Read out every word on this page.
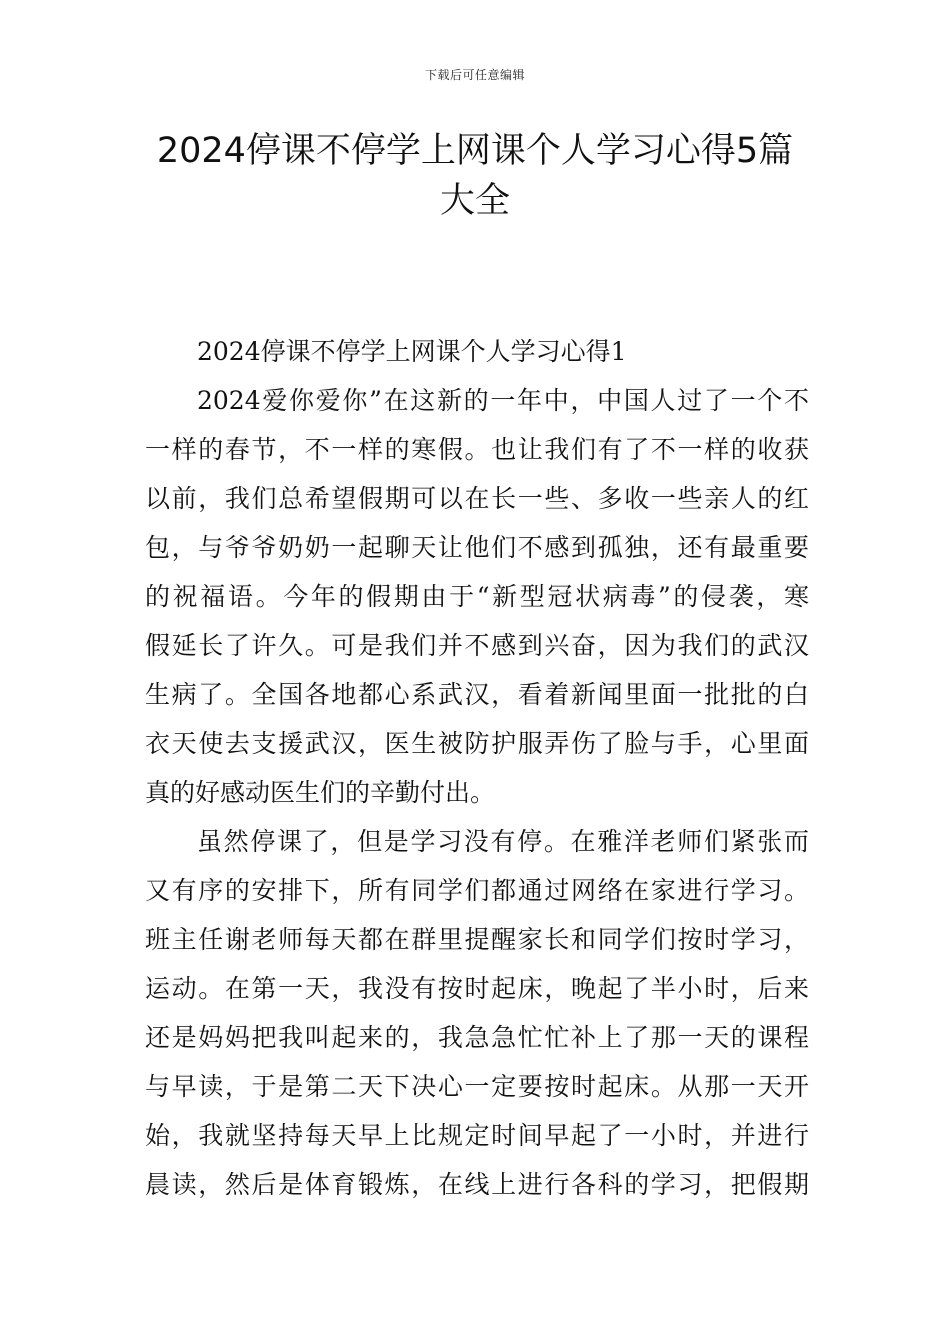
下载后可任意编辑
2024停课不停学上网课个人学习心得5篇
大全
2024停课不停学上网课个人学习心得1

2024爱你爱你”在这新的一年中，中国人过了一个不
一样的春节，不一样的寒假。也让我们有了不一样的收获
以前，我们总希望假期可以在长一些、多收一些亲人的红
包，与爷爷奶奶一起聊天让他们不感到孤独，还有最重要
的祝福语。今年的假期由于“新型冠状病毒”的侵袭，寒
假延长了许久。可是我们并不感到兴奋，因为我们的武汉
生病了。全国各地都心系武汉，看着新闻里面一批批的白
衣天使去支援武汉，医生被防护服弄伤了脸与手，心里面
真的好感动医生们的辛勤付出。

虽然停课了，但是学习没有停。在雅洋老师们紧张而
又有序的安排下，所有同学们都通过网络在家进行学习。
班主任谢老师每天都在群里提醒家长和同学们按时学习，
运动。在第一天，我没有按时起床，晚起了半小时，后来
还是妈妈把我叫起来的，我急急忙忙补上了那一天的课程
与早读，于是第二天下决心一定要按时起床。从那一天开
始，我就坚持每天早上比规定时间早起了一小时，并进行
晨读，然后是体育锻炼，在线上进行各科的学习，把假期
